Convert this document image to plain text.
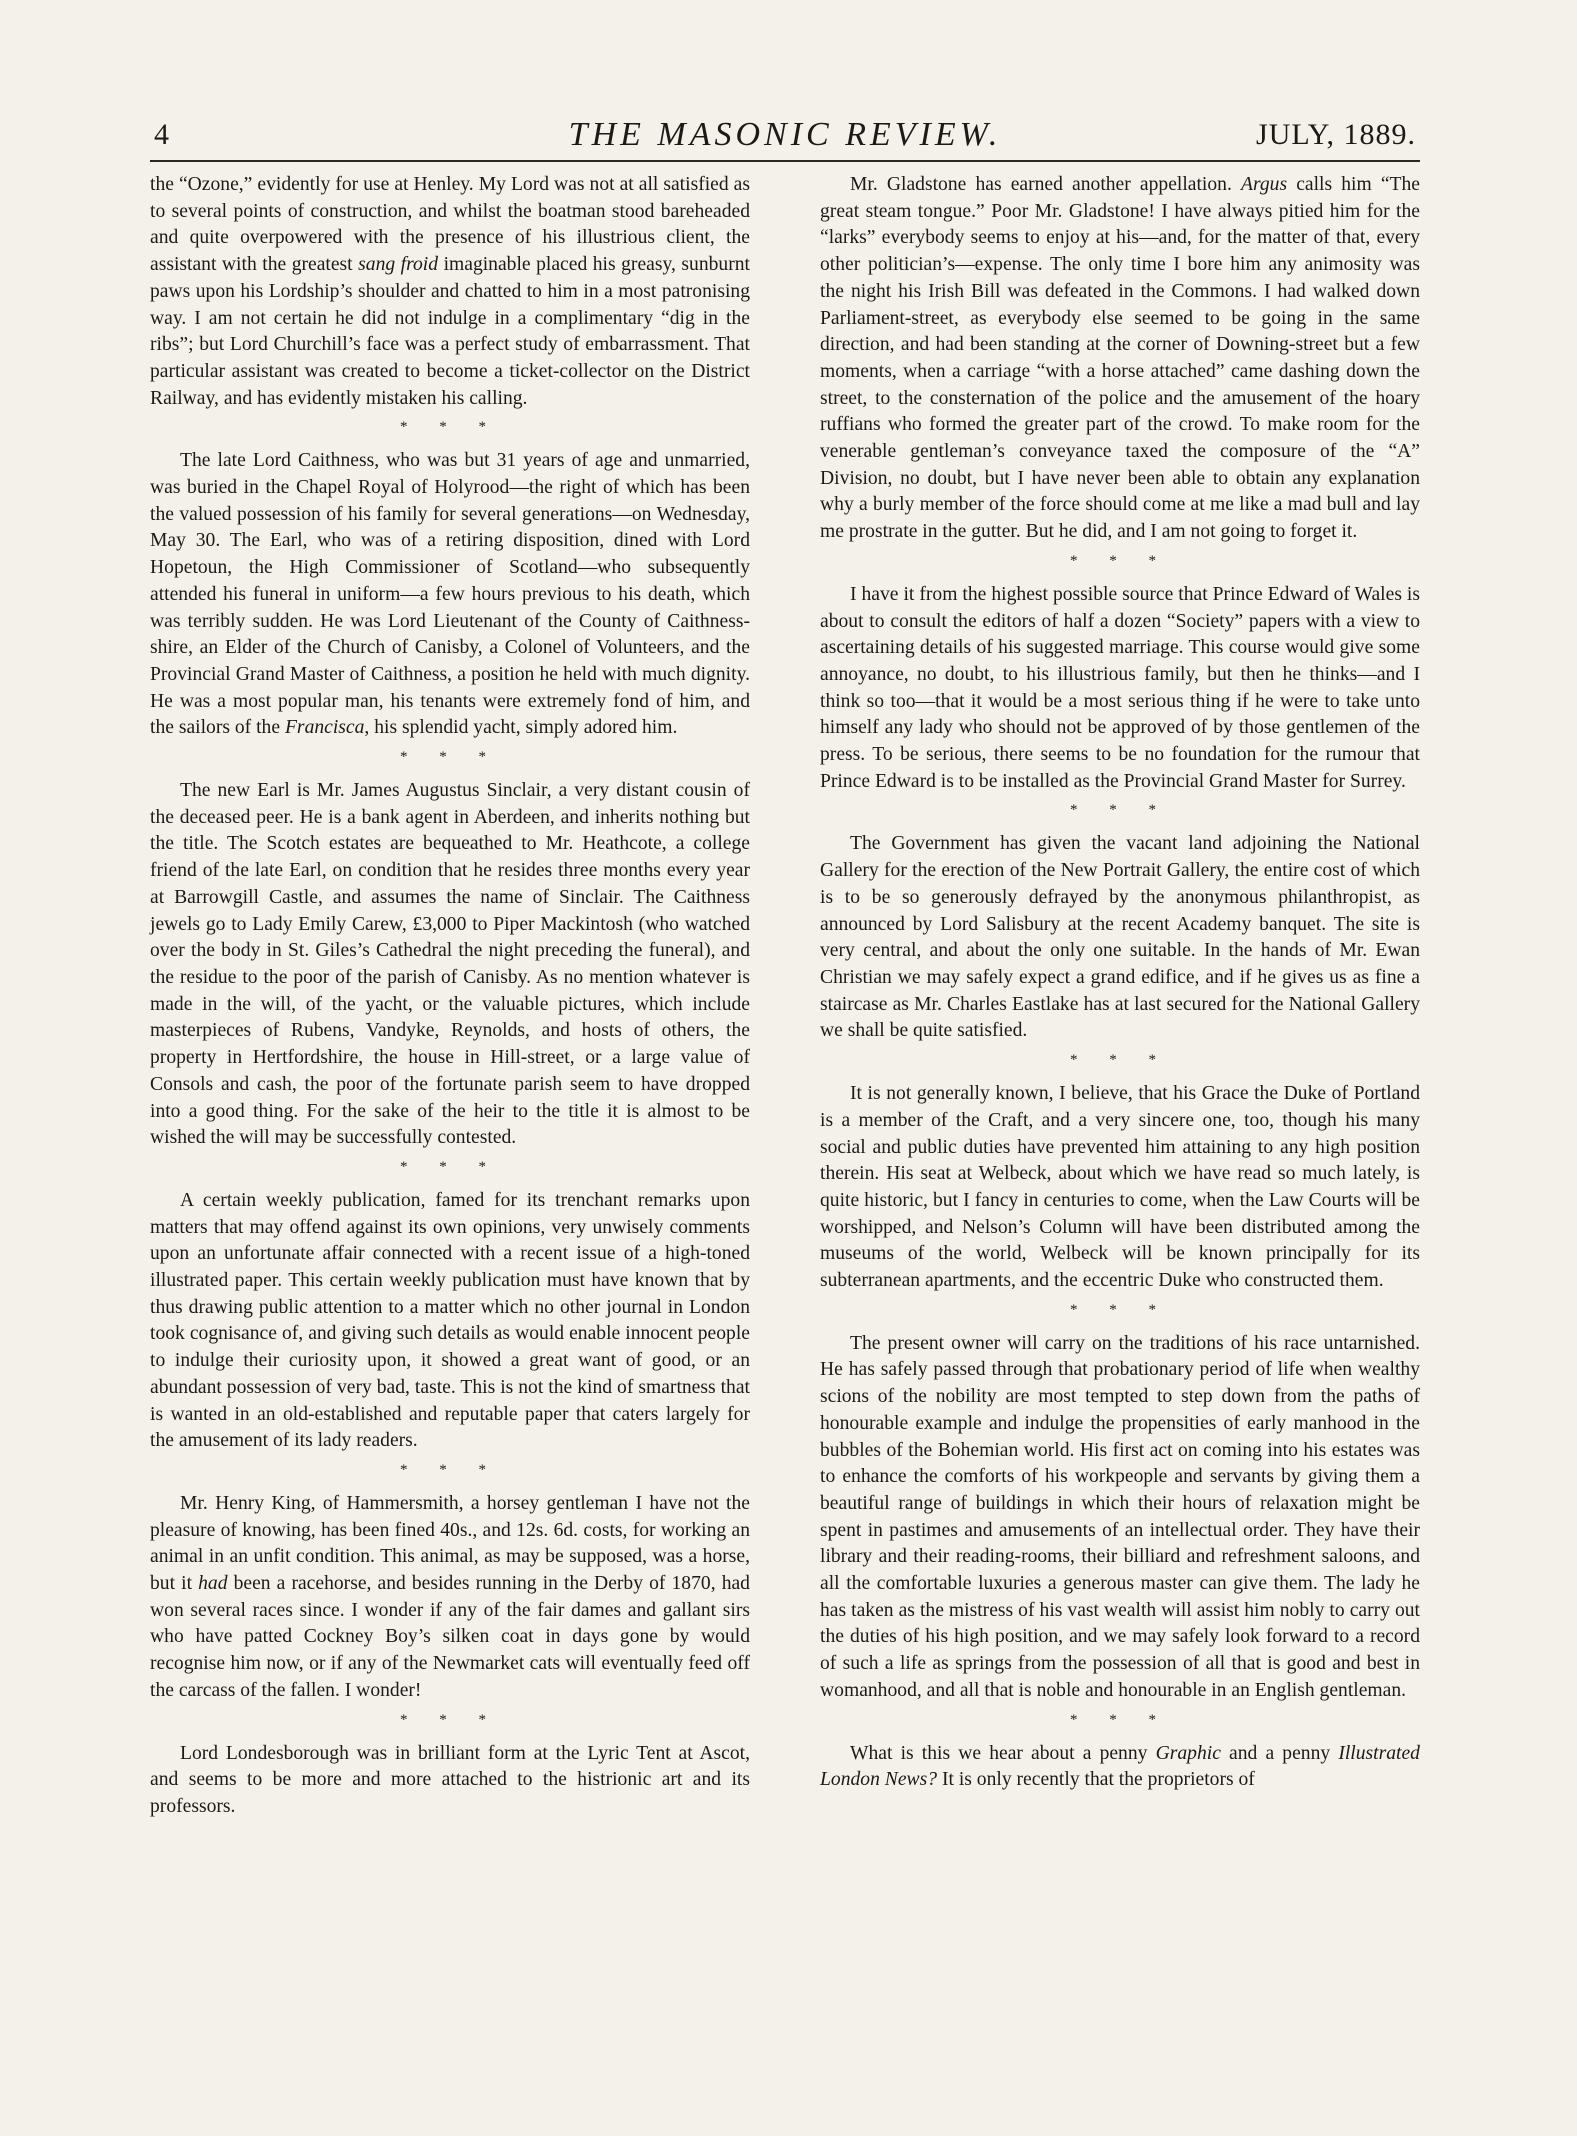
4	THE MASONIC REVIEW.	JULY, 1889.

the “Ozone,” evidently for use at Henley. My Lord was not at all satisfied as to several points of construction, and whilst the boatman stood bareheaded and quite overpowered with the presence of his illustrious client, the assistant with the greatest sang froid imaginable placed his greasy, sunburnt paws upon his Lordship’s shoulder and chatted to him in a most patronising way. I am not certain he did not indulge in a complimentary “dig in the ribs”; but Lord Churchill’s face was a perfect study of embarrassment. That particular assistant was created to become a ticket-collector on the District Railway, and has evidently mistaken his calling.

* * *

The late Lord Caithness, who was but 31 years of age and unmarried, was buried in the Chapel Royal of Holyrood—the right of which has been the valued possession of his family for several generations—on Wednesday, May 30. The Earl, who was of a retiring disposition, dined with Lord Hopetoun, the High Commissioner of Scotland—who subsequently attended his funeral in uniform—a few hours previous to his death, which was terribly sudden. He was Lord Lieutenant of the County of Caithness-shire, an Elder of the Church of Canisby, a Colonel of Volunteers, and the Provincial Grand Master of Caithness, a position he held with much dignity. He was a most popular man, his tenants were extremely fond of him, and the sailors of the Francisca, his splendid yacht, simply adored him.

* * *

The new Earl is Mr. James Augustus Sinclair, a very distant cousin of the deceased peer. He is a bank agent in Aberdeen, and inherits nothing but the title. The Scotch estates are bequeathed to Mr. Heathcote, a college friend of the late Earl, on condition that he resides three months every year at Barrowgill Castle, and assumes the name of Sinclair. The Caithness jewels go to Lady Emily Carew, £3,000 to Piper Mackintosh (who watched over the body in St. Giles’s Cathedral the night preceding the funeral), and the residue to the poor of the parish of Canisby. As no mention whatever is made in the will, of the yacht, or the valuable pictures, which include masterpieces of Rubens, Vandyke, Reynolds, and hosts of others, the property in Hertfordshire, the house in Hill-street, or a large value of Consols and cash, the poor of the fortunate parish seem to have dropped into a good thing. For the sake of the heir to the title it is almost to be wished the will may be successfully contested.

* * *

A certain weekly publication, famed for its trenchant remarks upon matters that may offend against its own opinions, very unwisely comments upon an unfortunate affair connected with a recent issue of a high-toned illustrated paper. This certain weekly publication must have known that by thus drawing public attention to a matter which no other journal in London took cognisance of, and giving such details as would enable innocent people to indulge their curiosity upon, it showed a great want of good, or an abundant possession of very bad, taste. This is not the kind of smartness that is wanted in an old-established and reputable paper that caters largely for the amusement of its lady readers.

* * *

Mr. Henry King, of Hammersmith, a horsey gentleman I have not the pleasure of knowing, has been fined 40s., and 12s. 6d. costs, for working an animal in an unfit condition. This animal, as may be supposed, was a horse, but it had been a racehorse, and besides running in the Derby of 1870, had won several races since. I wonder if any of the fair dames and gallant sirs who have patted Cockney Boy’s silken coat in days gone by would recognise him now, or if any of the Newmarket cats will eventually feed off the carcass of the fallen. I wonder!

* * *

Lord Londesborough was in brilliant form at the Lyric Tent at Ascot, and seems to be more and more attached to the histrionic art and its professors.

Mr. Gladstone has earned another appellation. Argus calls him “The great steam tongue.” Poor Mr. Gladstone! I have always pitied him for the “larks” everybody seems to enjoy at his—and, for the matter of that, every other politician’s—expense. The only time I bore him any animosity was the night his Irish Bill was defeated in the Commons. I had walked down Parliament-street, as everybody else seemed to be going in the same direction, and had been standing at the corner of Downing-street but a few moments, when a carriage “with a horse attached” came dashing down the street, to the consternation of the police and the amusement of the hoary ruffians who formed the greater part of the crowd. To make room for the venerable gentleman’s conveyance taxed the composure of the “A” Division, no doubt, but I have never been able to obtain any explanation why a burly member of the force should come at me like a mad bull and lay me prostrate in the gutter. But he did, and I am not going to forget it.

* * *

I have it from the highest possible source that Prince Edward of Wales is about to consult the editors of half a dozen “Society” papers with a view to ascertaining details of his suggested marriage. This course would give some annoyance, no doubt, to his illustrious family, but then he thinks—and I think so too—that it would be a most serious thing if he were to take unto himself any lady who should not be approved of by those gentlemen of the press. To be serious, there seems to be no foundation for the rumour that Prince Edward is to be installed as the Provincial Grand Master for Surrey.

* * *

The Government has given the vacant land adjoining the National Gallery for the erection of the New Portrait Gallery, the entire cost of which is to be so generously defrayed by the anonymous philanthropist, as announced by Lord Salisbury at the recent Academy banquet. The site is very central, and about the only one suitable. In the hands of Mr. Ewan Christian we may safely expect a grand edifice, and if he gives us as fine a staircase as Mr. Charles Eastlake has at last secured for the National Gallery we shall be quite satisfied.

* * *

It is not generally known, I believe, that his Grace the Duke of Portland is a member of the Craft, and a very sincere one, too, though his many social and public duties have prevented him attaining to any high position therein. His seat at Welbeck, about which we have read so much lately, is quite historic, but I fancy in centuries to come, when the Law Courts will be worshipped, and Nelson’s Column will have been distributed among the museums of the world, Welbeck will be known principally for its subterranean apartments, and the eccentric Duke who constructed them.

* * *

The present owner will carry on the traditions of his race untarnished. He has safely passed through that probationary period of life when wealthy scions of the nobility are most tempted to step down from the paths of honourable example and indulge the propensities of early manhood in the bubbles of the Bohemian world. His first act on coming into his estates was to enhance the comforts of his workpeople and servants by giving them a beautiful range of buildings in which their hours of relaxation might be spent in pastimes and amusements of an intellectual order. They have their library and their reading-rooms, their billiard and refreshment saloons, and all the comfortable luxuries a generous master can give them. The lady he has taken as the mistress of his vast wealth will assist him nobly to carry out the duties of his high position, and we may safely look forward to a record of such a life as springs from the possession of all that is good and best in womanhood, and all that is noble and honourable in an English gentleman.

* * *

What is this we hear about a penny Graphic and a penny Illustrated London News? It is only recently that the proprietors of
